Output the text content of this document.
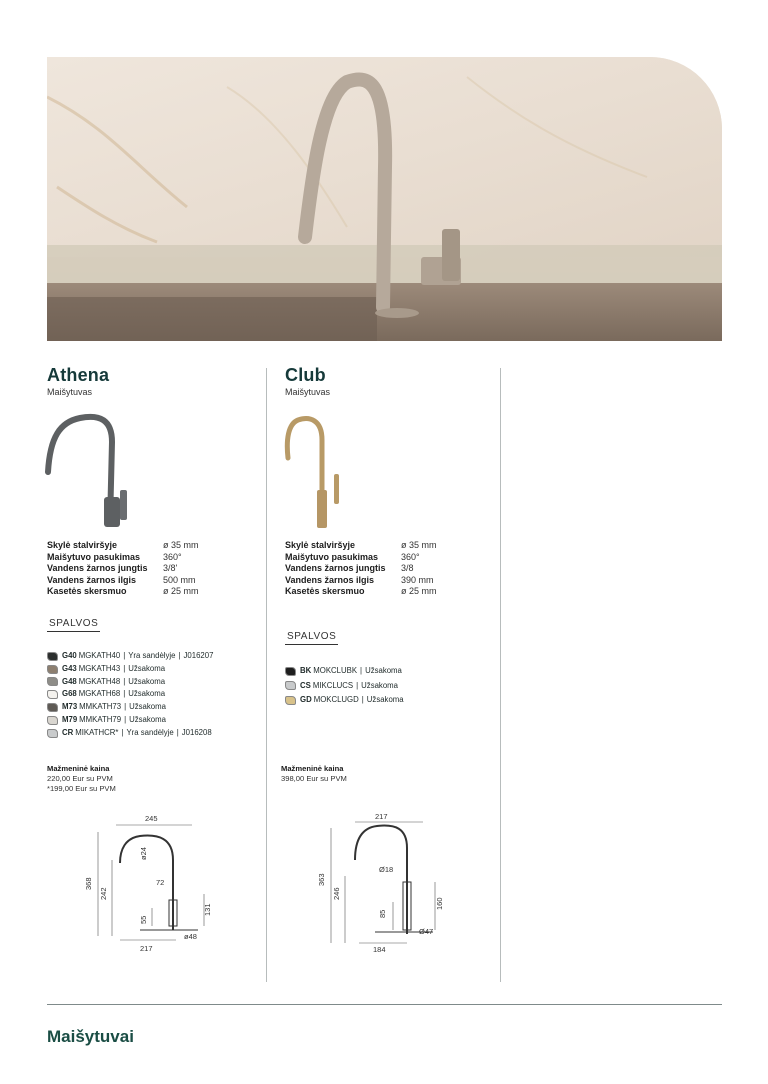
Athena
Maišytuvas
Skylė stalviršyje	ø 35 mm
Maišytuvo pasukimas	360°
Vandens žarnos jungtis	3/8'
Vandens žarnos ilgis	500 mm
Kasetės skersmuo	ø 25 mm
SPALVOS
G40 MGKATH40 | Yra sandėlyje | J016207
G43 MGKATH43 | Užsakoma
G48 MGKATH48 | Užsakoma
G68 MGKATH68 | Užsakoma
M73 MMKATH73 | Užsakoma
M79 MMKATH79 | Užsakoma
CR MIKATHCR* | Yra sandėlyje | J016208
Mažmeninė kaina
220,00 Eur su PVM
*199,00 Eur su PVM
245
368
242
ø24
72
55
131
217
ø48
Club
Maišytuvas
Skylė stalviršyje	ø 35 mm
Maišytuvo pasukimas	360°
Vandens žarnos jungtis	3/8
Vandens žarnos ilgis	390 mm
Kasetės skersmuo	ø 25 mm
SPALVOS
BK MOKCLUBK | Užsakoma
CS MIKCLUCS | Užsakoma
GD MOKCLUGD | Užsakoma
Mažmeninė kaina
398,00 Eur su PVM
217
363
246
Ø18
85
160
Ø47
184
Maišytuvai
